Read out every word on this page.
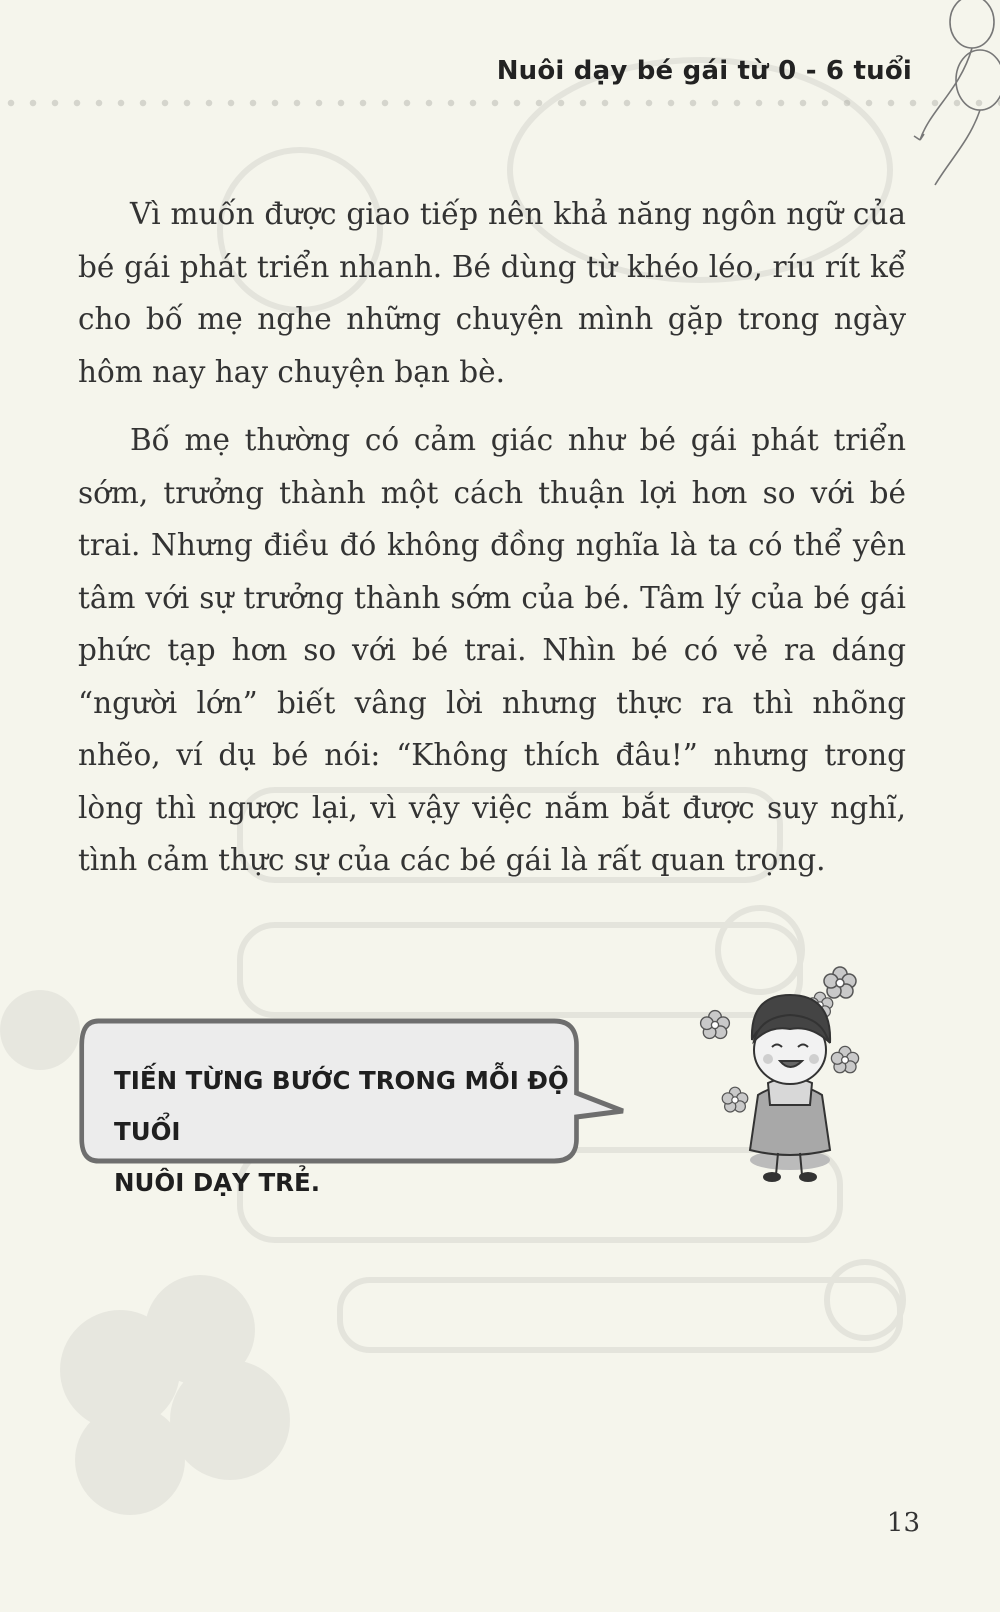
Nuôi dạy bé gái từ 0 - 6 tuổi

Vì muốn được giao tiếp nên khả năng ngôn ngữ của bé gái phát triển nhanh. Bé dùng từ khéo léo, ríu rít kể cho bố mẹ nghe những chuyện mình gặp trong ngày hôm nay hay chuyện bạn bè.

Bố mẹ thường có cảm giác như bé gái phát triển sớm, trưởng thành một cách thuận lợi hơn so với bé trai. Nhưng điều đó không đồng nghĩa là ta có thể yên tâm với sự trưởng thành sớm của bé. Tâm lý của bé gái phức tạp hơn so với bé trai. Nhìn bé có vẻ ra dáng “người lớn” biết vâng lời nhưng thực ra thì nhõng nhẽo, ví dụ bé nói: “Không thích đâu!” nhưng trong lòng thì ngược lại, vì vậy việc nắm bắt được suy nghĩ, tình cảm thực sự của các bé gái là rất quan trọng.

TIẾN TỪNG BƯỚC TRONG MỖI ĐỘ TUỔI
NUÔI DẠY TRẺ.
13
